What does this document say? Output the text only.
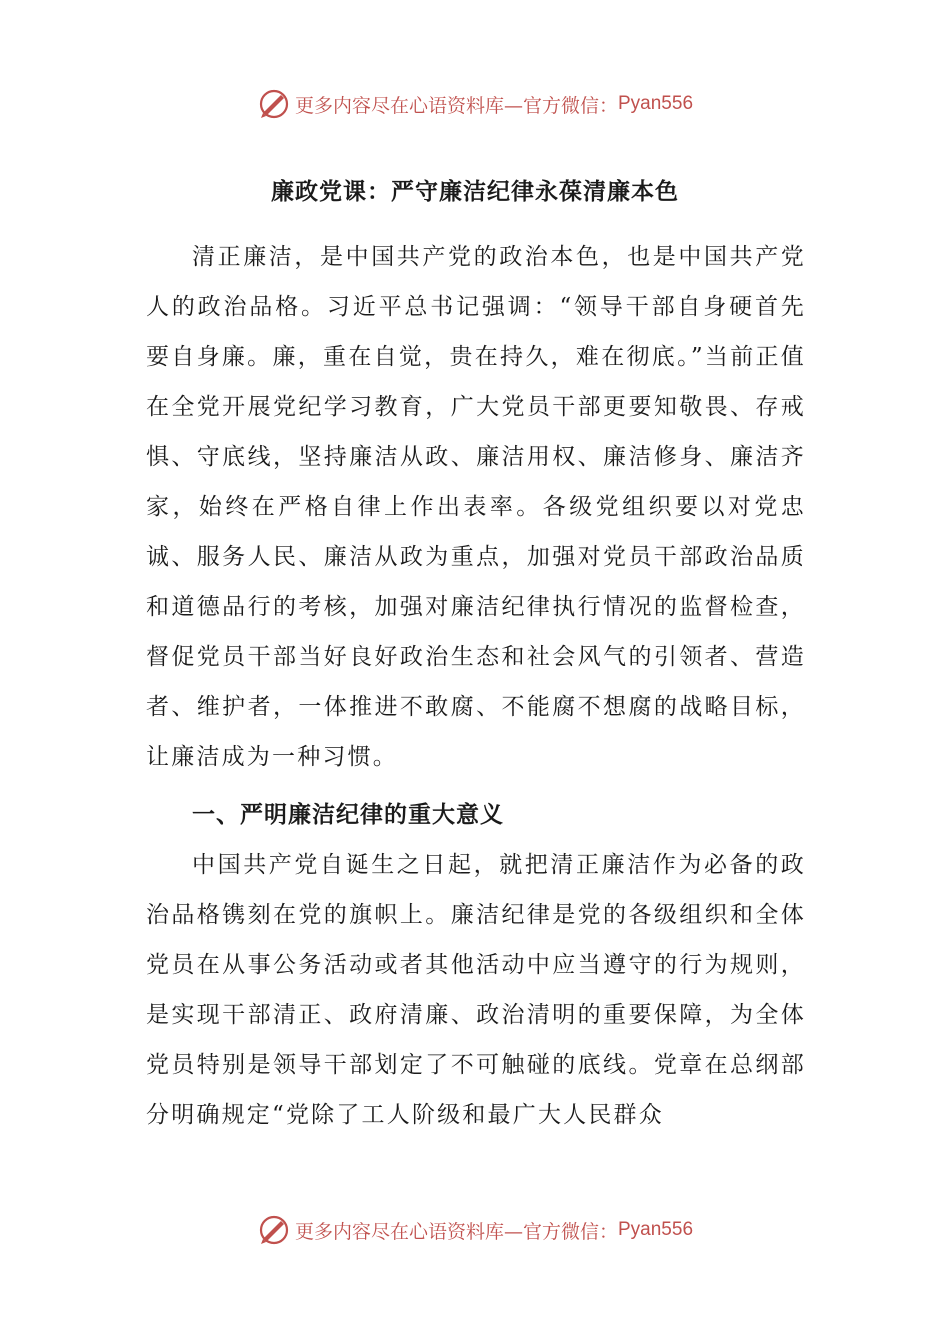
更多内容尽在心语资料库—官方微信： Pyan556
廉政党课：严守廉洁纪律永葆清廉本色

清正廉洁，是中国共产党的政治本色，也是中国共产党人的政治品格。习近平总书记强调：“领导干部自身硬首先要自身廉。廉，重在自觉，贵在持久，难在彻底。”当前正值在全党开展党纪学习教育，广大党员干部更要知敬畏、存戒惧、守底线，坚持廉洁从政、廉洁用权、廉洁修身、廉洁齐家，始终在严格自律上作出表率。各级党组织要以对党忠诚、服务人民、廉洁从政为重点，加强对党员干部政治品质和道德品行的考核，加强对廉洁纪律执行情况的监督检查，督促党员干部当好良好政治生态和社会风气的引领者、营造者、维护者，一体推进不敢腐、不能腐不想腐的战略目标，让廉洁成为一种习惯。

一、严明廉洁纪律的重大意义

中国共产党自诞生之日起，就把清正廉洁作为必备的政治品格镌刻在党的旗帜上。廉洁纪律是党的各级组织和全体党员在从事公务活动或者其他活动中应当遵守的行为规则，是实现干部清正、政府清廉、政治清明的重要保障，为全体党员特别是领导干部划定了不可触碰的底线。党章在总纲部分明确规定“党除了工人阶级和最广大人民群众

更多内容尽在心语资料库—官方微信： Pyan556
